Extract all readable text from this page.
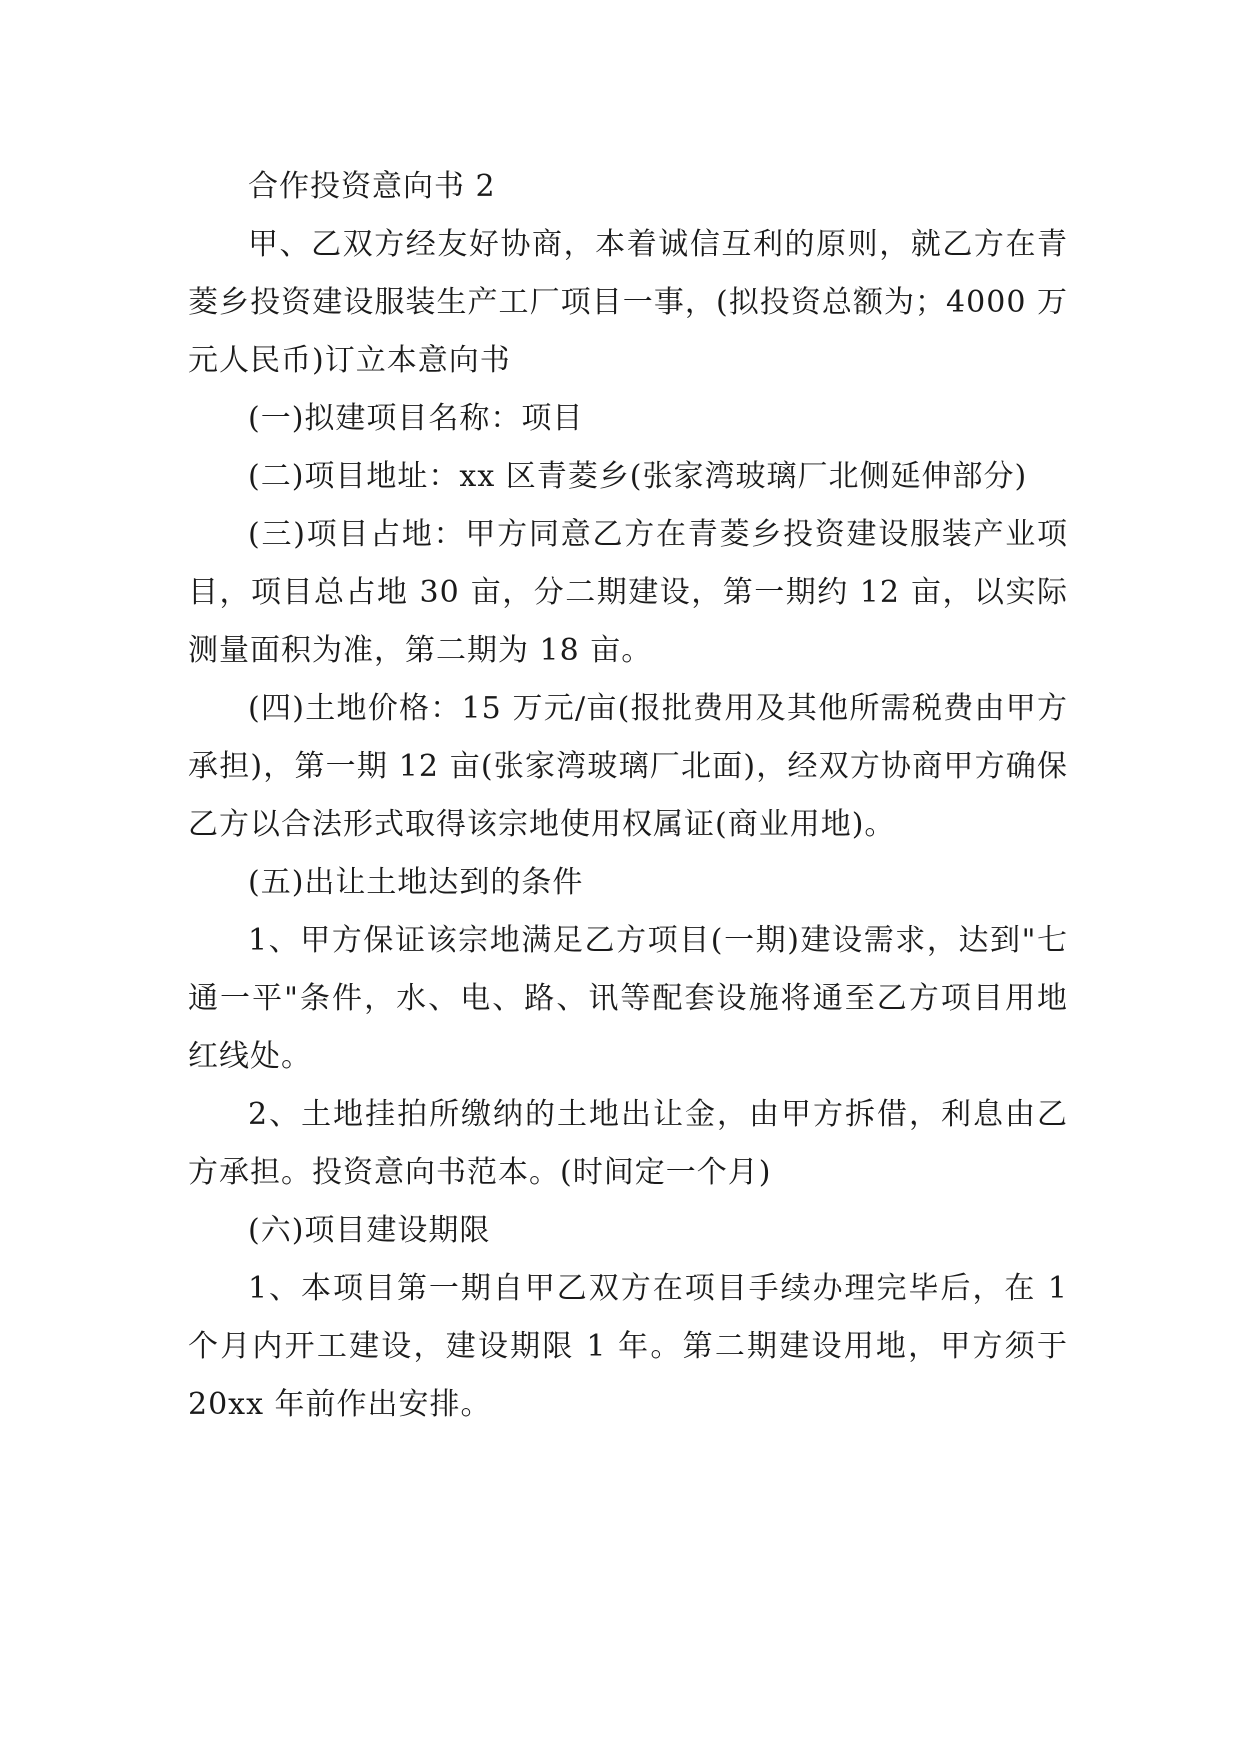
合作投资意向书 2

甲、乙双方经友好协商，本着诚信互利的原则，就乙方在青菱乡投资建设服装生产工厂项目一事，(拟投资总额为；4000 万元人民币)订立本意向书

(一)拟建项目名称：项目

(二)项目地址：xx 区青菱乡(张家湾玻璃厂北侧延伸部分)

(三)项目占地：甲方同意乙方在青菱乡投资建设服装产业项目，项目总占地 30 亩，分二期建设，第一期约 12 亩，以实际测量面积为准，第二期为 18 亩。

(四)土地价格：15 万元/亩(报批费用及其他所需税费由甲方承担)，第一期 12 亩(张家湾玻璃厂北面)，经双方协商甲方确保乙方以合法形式取得该宗地使用权属证(商业用地)。

(五)出让土地达到的条件

1、甲方保证该宗地满足乙方项目(一期)建设需求，达到"七通一平"条件，水、电、路、讯等配套设施将通至乙方项目用地红线处。

2、土地挂拍所缴纳的土地出让金，由甲方拆借，利息由乙方承担。投资意向书范本。(时间定一个月)

(六)项目建设期限

1、本项目第一期自甲乙双方在项目手续办理完毕后，在 1 个月内开工建设，建设期限 1 年。第二期建设用地，甲方须于 20xx 年前作出安排。
